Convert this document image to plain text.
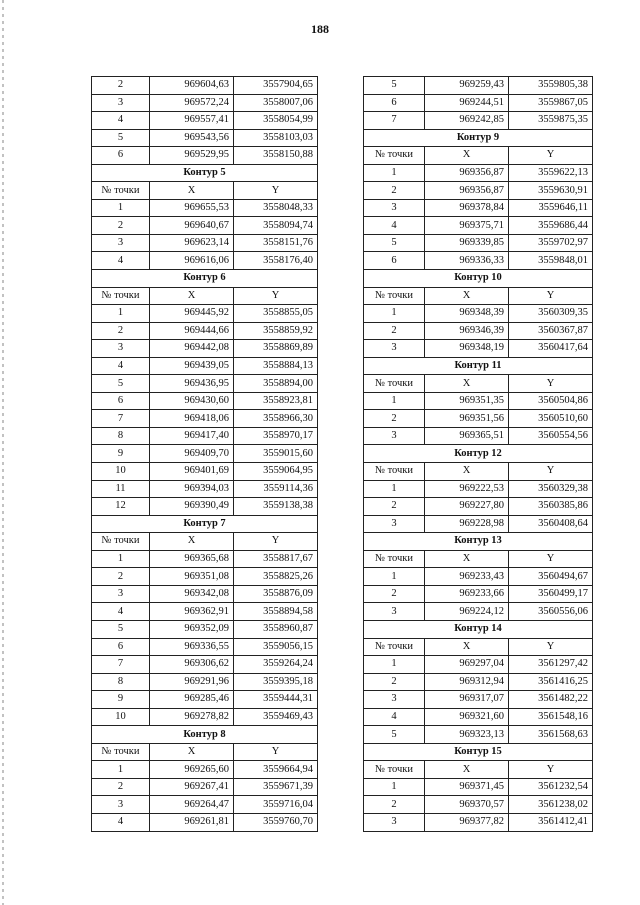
188
2	969604,63	3557904,65
3	969572,24	3558007,06
4	969557,41	3558054,99
5	969543,56	3558103,03
6	969529,95	3558150,88
Контур 5		
№ точки	X	Y
1	969655,53	3558048,33
2	969640,67	3558094,74
3	969623,14	3558151,76
4	969616,06	3558176,40
Контур 6		
№ точки	X	Y
1	969445,92	3558855,05
2	969444,66	3558859,92
3	969442,08	3558869,89
4	969439,05	3558884,13
5	969436,95	3558894,00
6	969430,60	3558923,81
7	969418,06	3558966,30
8	969417,40	3558970,17
9	969409,70	3559015,60
10	969401,69	3559064,95
11	969394,03	3559114,36
12	969390,49	3559138,38
Контур 7		
№ точки	X	Y
1	969365,68	3558817,67
2	969351,08	3558825,26
3	969342,08	3558876,09
4	969362,91	3558894,58
5	969352,09	3558960,87
6	969336,55	3559056,15
7	969306,62	3559264,24
8	969291,96	3559395,18
9	969285,46	3559444,31
10	969278,82	3559469,43
Контур 8		
№ точки	X	Y
1	969265,60	3559664,94
2	969267,41	3559671,39
3	969264,47	3559716,04
4	969261,81	3559760,70
5	969259,43	3559805,38
6	969244,51	3559867,05
7	969242,85	3559875,35
Контур 9		
№ точки	X	Y
1	969356,87	3559622,13
2	969356,87	3559630,91
3	969378,84	3559646,11
4	969375,71	3559686,44
5	969339,85	3559702,97
6	969336,33	3559848,01
Контур 10		
№ точки	X	Y
1	969348,39	3560309,35
2	969346,39	3560367,87
3	969348,19	3560417,64
Контур 11		
№ точки	X	Y
1	969351,35	3560504,86
2	969351,56	3560510,60
3	969365,51	3560554,56
Контур 12		
№ точки	X	Y
1	969222,53	3560329,38
2	969227,80	3560385,86
3	969228,98	3560408,64
Контур 13		
№ точки	X	Y
1	969233,43	3560494,67
2	969233,66	3560499,17
3	969224,12	3560556,06
Контур 14		
№ точки	X	Y
1	969297,04	3561297,42
2	969312,94	3561416,25
3	969317,07	3561482,22
4	969321,60	3561548,16
5	969323,13	3561568,63
Контур 15		
№ точки	X	Y
1	969371,45	3561232,54
2	969370,57	3561238,02
3	969377,82	3561412,41
